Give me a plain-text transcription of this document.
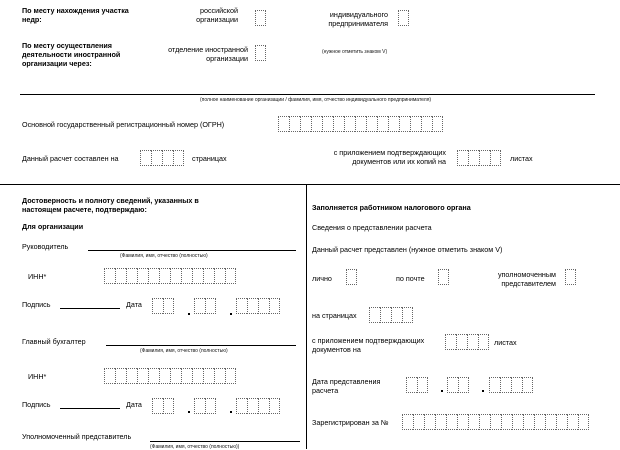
По месту нахождения участка недр:
российской организации
индивидуального предпринимателя
По месту осуществления деятельности иностранной организации через:
отделение иностранной организации
(нужное отметить знаком V)
(полное наименование организации / фамилия, имя, отчество индивидуального предпринимателя)
Основной государственный регистрационный номер (ОГРН)
Данный расчет составлен на	страницах
с приложением подтверждающих документов или их копий на	листах
Достоверность и полноту сведений, указанных в настоящем расчете, подтверждаю:
Для организации
Руководитель
(Фамилия, имя, отчество (полностью)
ИНН*
Подпись	Дата
Главный бухгалтер
(Фамилия, имя, отчество (полностью)
ИНН*
Подпись	Дата
Уполномоченный представитель
(Фамилия, имя, отчество (полностью))
Заполняется работником налогового органа
Сведения о представлении расчета
Данный расчет представлен (нужное отметить знаком V)
лично	по почте	уполномоченным представителем
на страницах
с приложением подтверждающих документов на
листах
Дата представления расчета
Зарегистрирован за №
